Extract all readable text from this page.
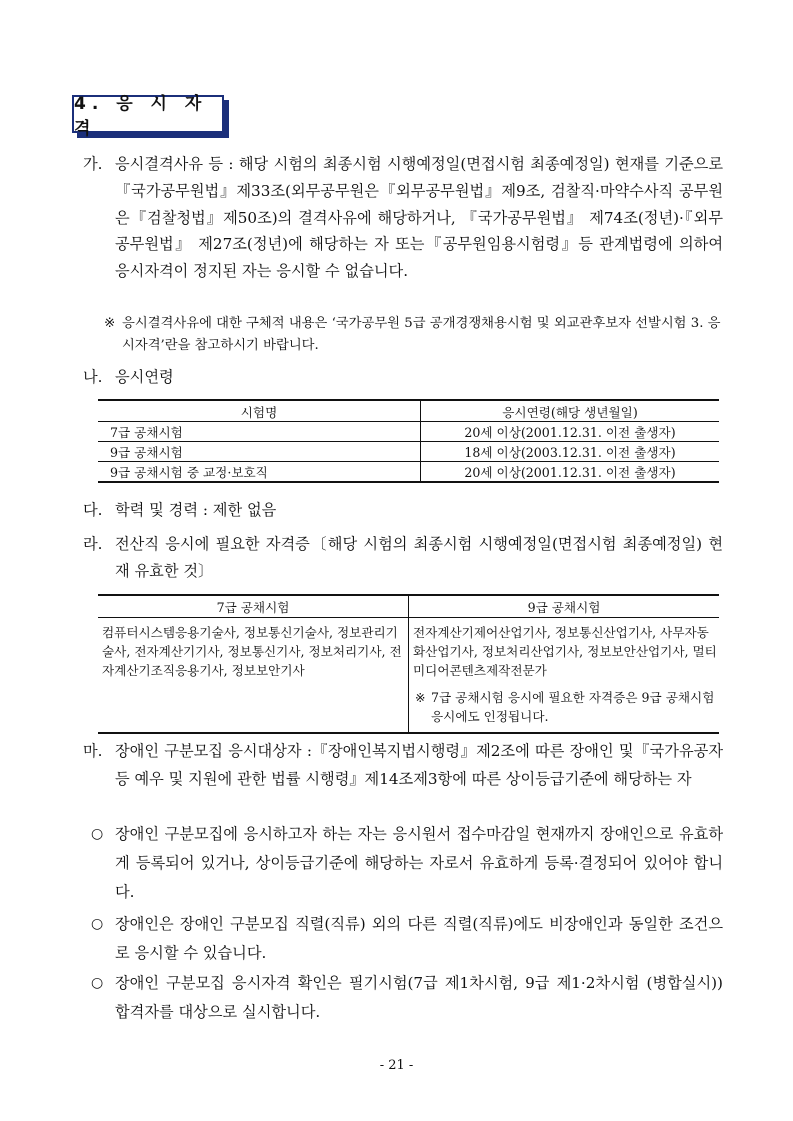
4. 응 시 자 격
가. 응시결격사유 등 : 해당 시험의 최종시험 시행예정일(면접시험 최종예정일) 현재를 기준으로『국가공무원법』제33조(외무공무원은『외무공무원법』제9조, 검찰직·마약수사직 공무원은『검찰청법』제50조)의 결격사유에 해당하거나, 『국가공무원법』 제74조(정년)·『외무공무원법』 제27조(정년)에 해당하는 자 또는『공무원임용시험령』등 관계법령에 의하여 응시자격이 정지된 자는 응시할 수 없습니다.
※ 응시결격사유에 대한 구체적 내용은 ‘국가공무원 5급 공개경쟁채용시험 및 외교관후보자 선발시험 3. 응시자격’란을 참고하시기 바랍니다.
나. 응시연령
시험명	응시연령(해당 생년월일)
7급 공채시험	20세 이상(2001.12.31. 이전 출생자)
9급 공채시험	18세 이상(2003.12.31. 이전 출생자)
9급 공채시험 중 교정·보호직	20세 이상(2001.12.31. 이전 출생자)
다. 학력 및 경력 : 제한 없음
라. 전산직 응시에 필요한 자격증〔해당 시험의 최종시험 시행예정일(면접시험 최종예정일) 현재 유효한 것〕
7급 공채시험	9급 공채시험
컴퓨터시스템응용기술사, 정보통신기술사, 정보관리기술사, 전자계산기기사, 정보통신기사, 정보처리기사, 전자계산기조직응용기사, 정보보안기사	전자계산기제어산업기사, 정보통신산업기사, 사무자동화산업기사, 정보처리산업기사, 정보보안산업기사, 멀티미디어콘텐츠제작전문가
※ 7급 공채시험 응시에 필요한 자격증은 9급 공채시험 응시에도 인정됩니다.
마. 장애인 구분모집 응시대상자 :『장애인복지법시행령』제2조에 따른 장애인 및『국가유공자 등 예우 및 지원에 관한 법률 시행령』제14조제3항에 따른 상이등급기준에 해당하는 자
○ 장애인 구분모집에 응시하고자 하는 자는 응시원서 접수마감일 현재까지 장애인으로 유효하게 등록되어 있거나, 상이등급기준에 해당하는 자로서 유효하게 등록·결정되어 있어야 합니다.
○ 장애인은 장애인 구분모집 직렬(직류) 외의 다른 직렬(직류)에도 비장애인과 동일한 조건으로 응시할 수 있습니다.
○ 장애인 구분모집 응시자격 확인은 필기시험(7급 제1차시험, 9급 제1·2차시험 (병합실시)) 합격자를 대상으로 실시합니다.
- 21 -
